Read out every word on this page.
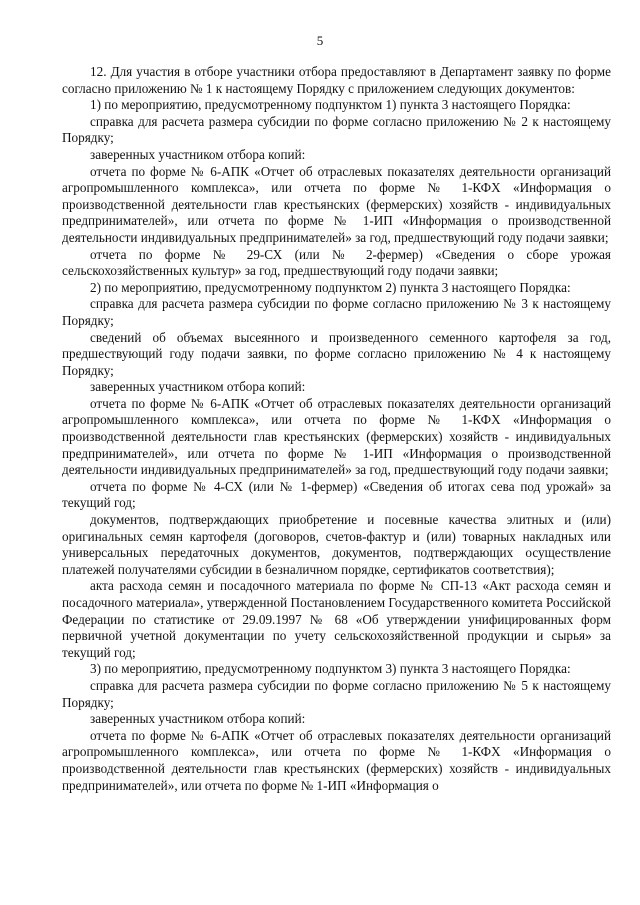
5

12. Для участия в отборе участники отбора предоставляют в Департамент заявку по форме согласно приложению № 1 к настоящему Порядку с приложением следующих документов:

1) по мероприятию, предусмотренному подпунктом 1) пункта 3 настоящего Порядка:

справка для расчета размера субсидии по форме согласно приложению № 2 к настоящему Порядку;

заверенных участником отбора копий:

отчета по форме № 6-АПК «Отчет об отраслевых показателях деятельности организаций агропромышленного комплекса», или отчета по форме № 1-КФХ «Информация о производственной деятельности глав крестьянских (фермерских) хозяйств - индивидуальных предпринимателей», или отчета по форме № 1-ИП «Информация о производственной деятельности индивидуальных предпринимателей» за год, предшествующий году подачи заявки;

отчета по форме № 29-СХ (или № 2-фермер) «Сведения о сборе урожая сельскохозяйственных культур» за год, предшествующий году подачи заявки;

2) по мероприятию, предусмотренному подпунктом 2) пункта 3 настоящего Порядка:

справка для расчета размера субсидии по форме согласно приложению № 3 к настоящему Порядку;

сведений об объемах высеянного и произведенного семенного картофеля за год, предшествующий году подачи заявки, по форме согласно приложению № 4 к настоящему Порядку;

заверенных участником отбора копий:

отчета по форме № 6-АПК «Отчет об отраслевых показателях деятельности организаций агропромышленного комплекса», или отчета по форме № 1-КФХ «Информация о производственной деятельности глав крестьянских (фермерских) хозяйств - индивидуальных предпринимателей», или отчета по форме № 1-ИП «Информация о производственной деятельности индивидуальных предпринимателей» за год, предшествующий году подачи заявки;

отчета по форме № 4-СХ (или № 1-фермер) «Сведения об итогах сева под урожай» за текущий год;

документов, подтверждающих приобретение и посевные качества элитных и (или) оригинальных семян картофеля (договоров, счетов-фактур и (или) товарных накладных или универсальных передаточных документов, документов, подтверждающих осуществление платежей получателями субсидии в безналичном порядке, сертификатов соответствия);

акта расхода семян и посадочного материала по форме № СП-13 «Акт расхода семян и посадочного материала», утвержденной Постановлением Государственного комитета Российской Федерации по статистике от 29.09.1997 № 68 «Об утверждении унифицированных форм первичной учетной документации по учету сельскохозяйственной продукции и сырья» за текущий год;

3) по мероприятию, предусмотренному подпунктом 3) пункта 3 настоящего Порядка:

справка для расчета размера субсидии по форме согласно приложению № 5 к настоящему Порядку;

заверенных участником отбора копий:

отчета по форме № 6-АПК «Отчет об отраслевых показателях деятельности организаций агропромышленного комплекса», или отчета по форме № 1-КФХ «Информация о производственной деятельности глав крестьянских (фермерских) хозяйств - индивидуальных предпринимателей», или отчета по форме № 1-ИП «Информация о
